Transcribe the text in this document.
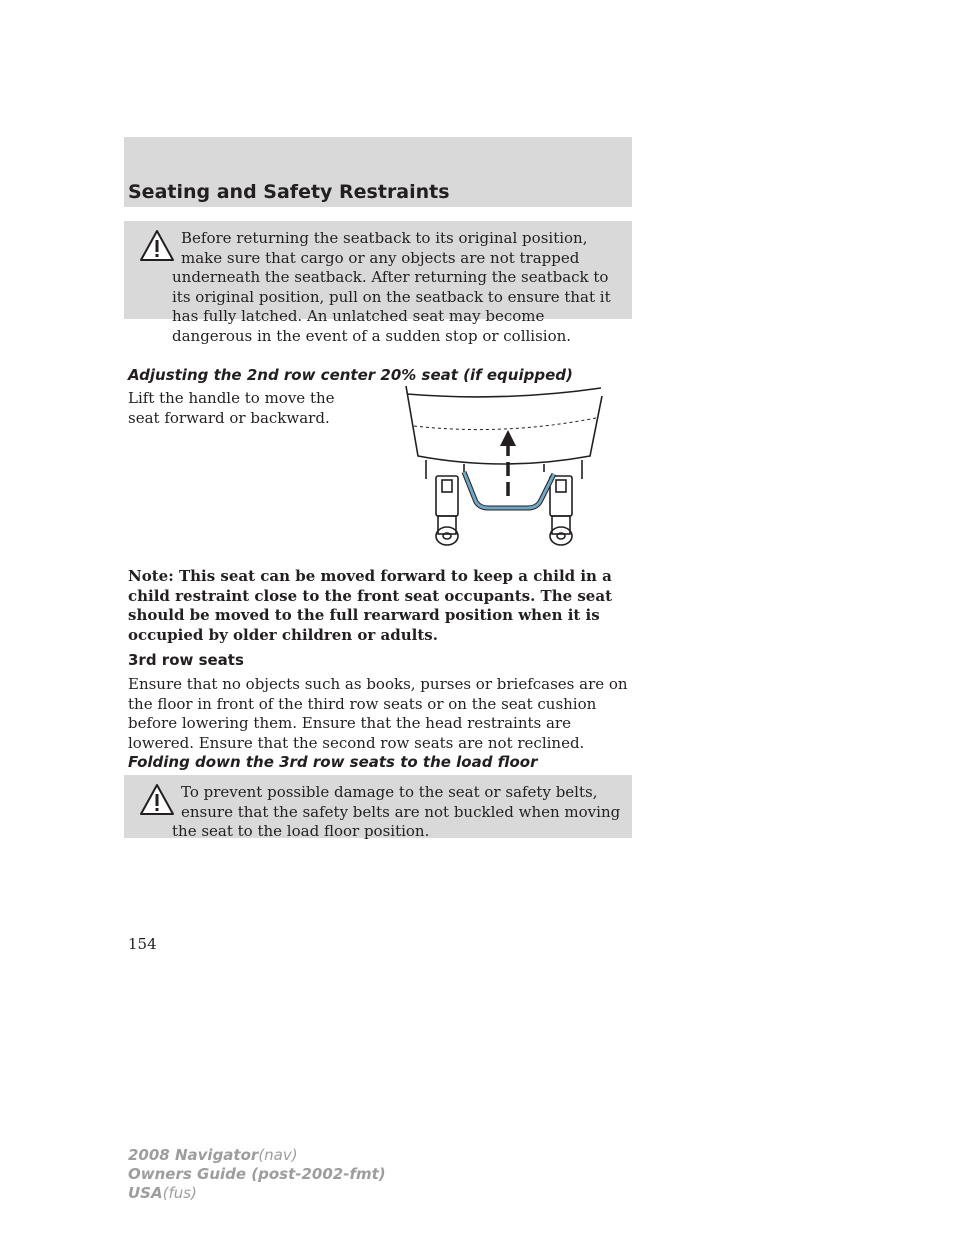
Seating and Safety Restraints
Before returning the seatback to its original position, make sure that cargo or any objects are not trapped underneath the seatback. After returning the seatback to its original position, pull on the seatback to ensure that it has fully latched. An unlatched seat may become dangerous in the event of a sudden stop or collision.
Adjusting the 2nd row center 20% seat (if equipped)
Lift the handle to move the seat forward or backward.
Note: This seat can be moved forward to keep a child in a child restraint close to the front seat occupants. The seat should be moved to the full rearward position when it is occupied by older children or adults.
3rd row seats
Ensure that no objects such as books, purses or briefcases are on the floor in front of the third row seats or on the seat cushion before lowering them. Ensure that the head restraints are lowered. Ensure that the second row seats are not reclined.
Folding down the 3rd row seats to the load floor
To prevent possible damage to the seat or safety belts, ensure that the safety belts are not buckled when moving the seat to the load floor position.
154
2008 Navigator(nav)
Owners Guide (post-2002-fmt)
USA(fus)
